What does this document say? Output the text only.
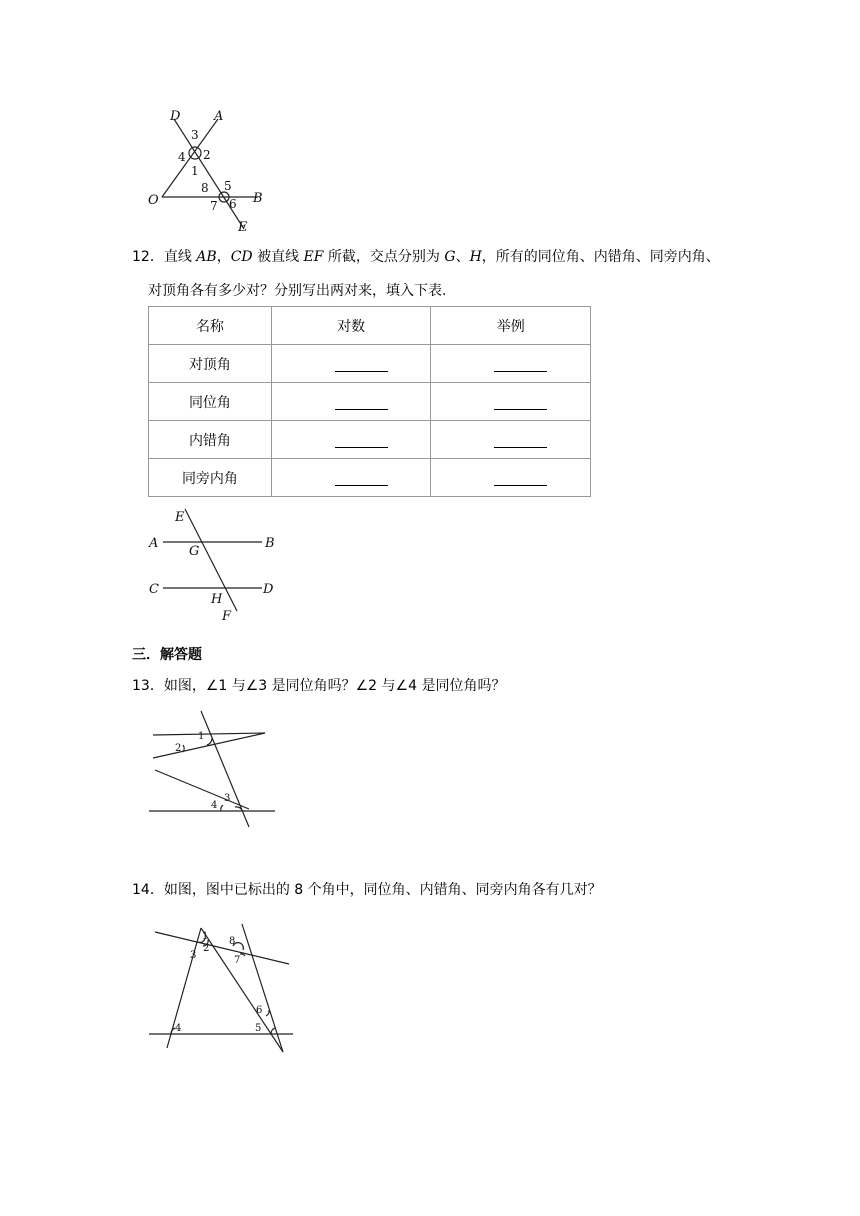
D	A
O	B
E
3
4 2
1
8 5
7 6
12．直线 AB，CD 被直线 EF 所截，交点分别为 G、H，所有的同位角、内错角、同旁内角、
对顶角各有多少对？分别写出两对来，填入下表.
名称	对数	举例
对顶角		
同位角		
内错角		
同旁内角		
E
A
G
B
C	D
H
F
三．解答题
13．如图，∠1 与∠3 是同位角吗？∠2 与∠4 是同位角吗？
1
2
3
4
14．如图，图中已标出的 8 个角中，同位角、内错角、同旁内角各有几对？
1
2
3
8
7
6
4	5
